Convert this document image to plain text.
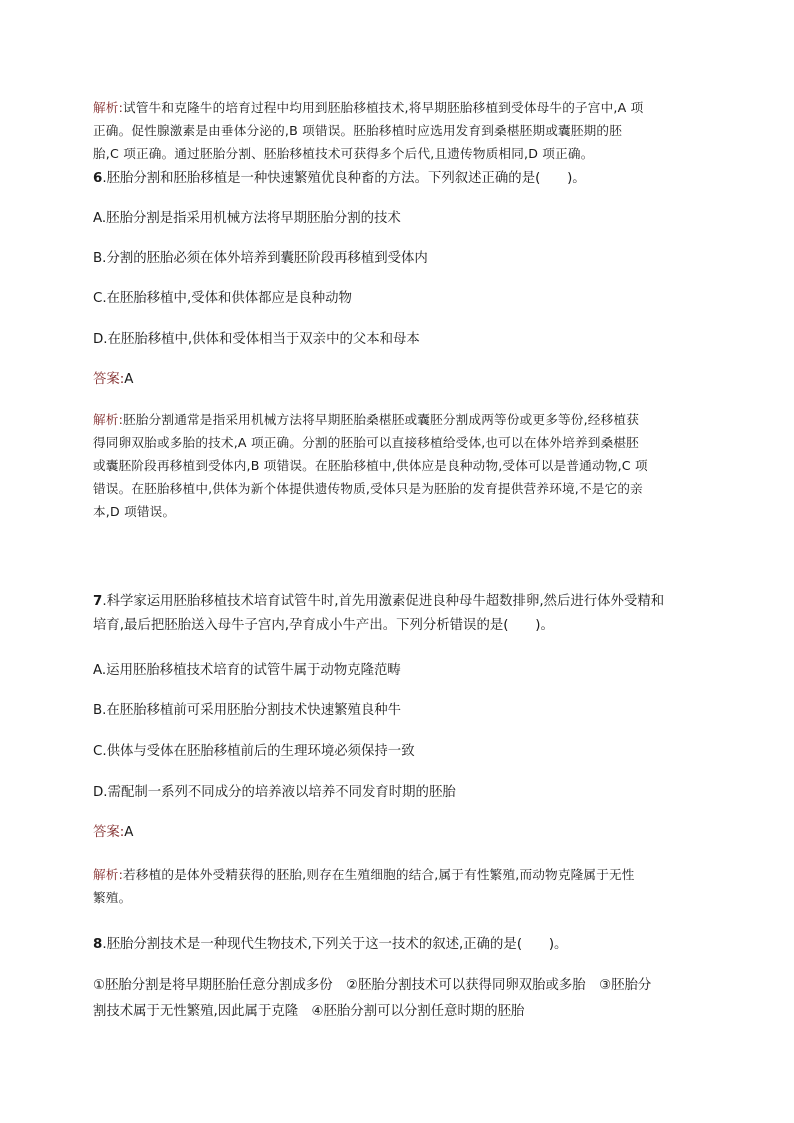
解析:试管牛和克隆牛的培育过程中均用到胚胎移植技术,将早期胚胎移植到受体母牛的子宫中,A 项
正确。促性腺激素是由垂体分泌的,B 项错误。胚胎移植时应选用发育到桑椹胚期或囊胚期的胚
胎,C 项正确。通过胚胎分割、胚胎移植技术可获得多个后代,且遗传物质相同,D 项正确。
6.胚胎分割和胚胎移植是一种快速繁殖优良种畜的方法。下列叙述正确的是(　　)。
A.胚胎分割是指采用机械方法将早期胚胎分割的技术
B.分割的胚胎必须在体外培养到囊胚阶段再移植到受体内
C.在胚胎移植中,受体和供体都应是良种动物
D.在胚胎移植中,供体和受体相当于双亲中的父本和母本
答案:A
解析:胚胎分割通常是指采用机械方法将早期胚胎桑椹胚或囊胚分割成两等份或更多等份,经移植获
得同卵双胎或多胎的技术,A 项正确。分割的胚胎可以直接移植给受体,也可以在体外培养到桑椹胚
或囊胚阶段再移植到受体内,B 项错误。在胚胎移植中,供体应是良种动物,受体可以是普通动物,C 项
错误。在胚胎移植中,供体为新个体提供遗传物质,受体只是为胚胎的发育提供营养环境,不是它的亲
本,D 项错误。
7.科学家运用胚胎移植技术培育试管牛时,首先用激素促进良种母牛超数排卵,然后进行体外受精和
培育,最后把胚胎送入母牛子宫内,孕育成小牛产出。下列分析错误的是(　　)。
A.运用胚胎移植技术培育的试管牛属于动物克隆范畴
B.在胚胎移植前可采用胚胎分割技术快速繁殖良种牛
C.供体与受体在胚胎移植前后的生理环境必须保持一致
D.需配制一系列不同成分的培养液以培养不同发育时期的胚胎
答案:A
解析:若移植的是体外受精获得的胚胎,则存在生殖细胞的结合,属于有性繁殖,而动物克隆属于无性
繁殖。
8.胚胎分割技术是一种现代生物技术,下列关于这一技术的叙述,正确的是(　　)。
①胚胎分割是将早期胚胎任意分割成多份　②胚胎分割技术可以获得同卵双胎或多胎　③胚胎分
割技术属于无性繁殖,因此属于克隆　④胚胎分割可以分割任意时期的胚胎
